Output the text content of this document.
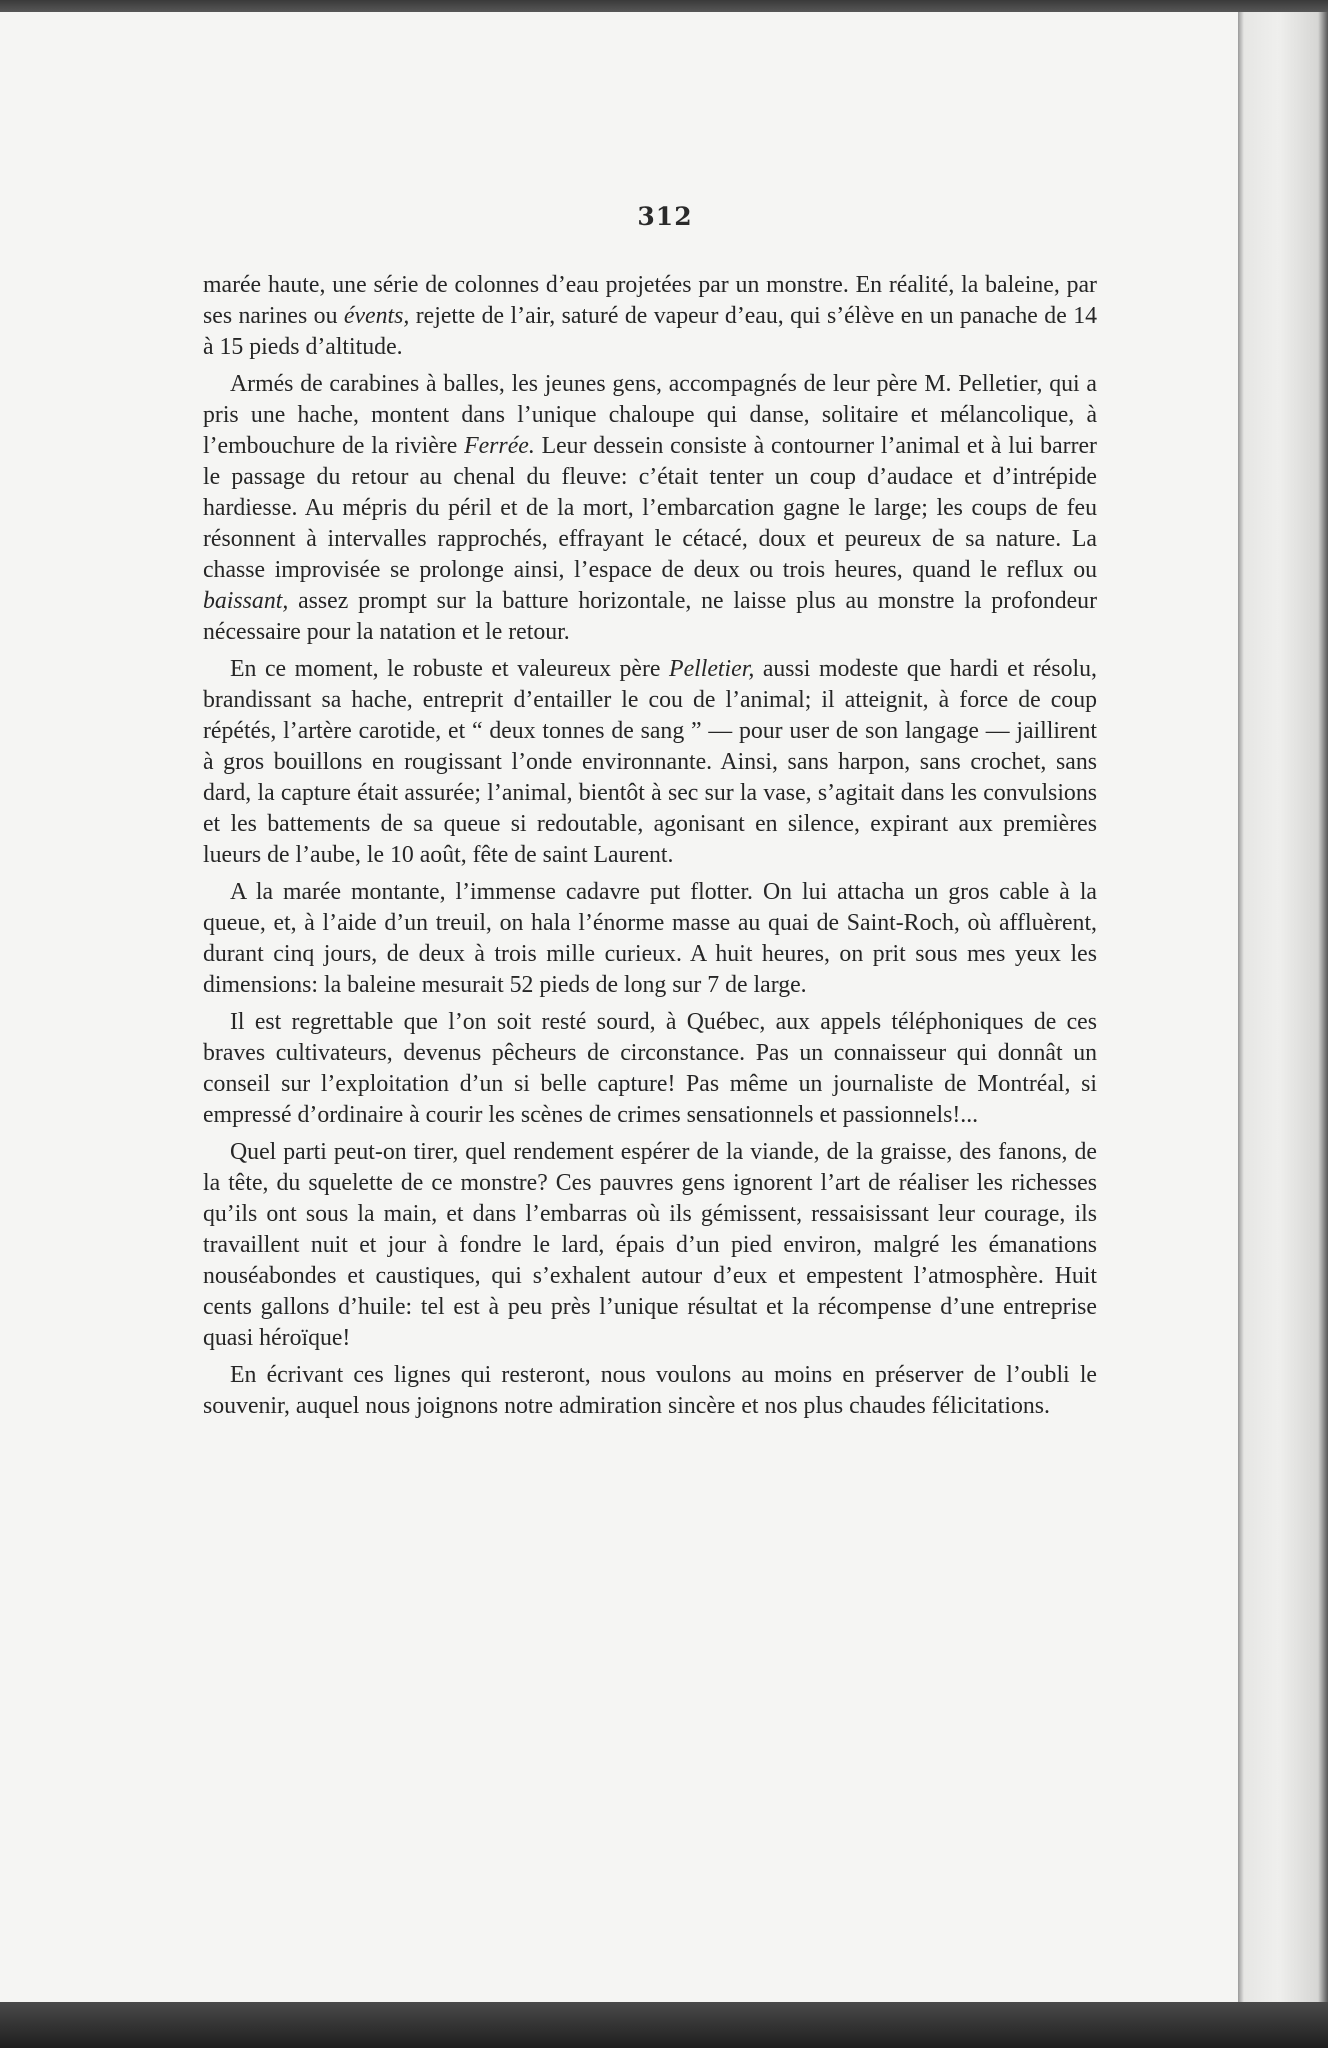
312

marée haute, une série de colonnes d’eau projetées par un monstre. En réalité, la baleine, par ses narines ou évents, rejette de l’air, saturé de vapeur d’eau, qui s’élève en un panache de 14 à 15 pieds d’altitude.

Armés de carabines à balles, les jeunes gens, accompagnés de leur père M. Pelletier, qui a pris une hache, montent dans l’unique chaloupe qui danse, solitaire et mélancolique, à l’embouchure de la rivière Ferrée. Leur dessein consiste à contourner l’animal et à lui barrer le passage du retour au chenal du fleuve: c’était tenter un coup d’audace et d’intrépide hardiesse. Au mépris du péril et de la mort, l’embarcation gagne le large; les coups de feu résonnent à intervalles rapprochés, effrayant le cétacé, doux et peureux de sa nature. La chasse improvisée se prolonge ainsi, l’espace de deux ou trois heures, quand le reflux ou baissant, assez prompt sur la batture horizontale, ne laisse plus au monstre la profondeur nécessaire pour la natation et le retour.

En ce moment, le robuste et valeureux père Pelletier, aussi modeste que hardi et résolu, brandissant sa hache, entreprit d’entailler le cou de l’animal; il atteignit, à force de coup répétés, l’artère carotide, et “ deux tonnes de sang ” — pour user de son langage — jaillirent à gros bouillons en rougissant l’onde environnante. Ainsi, sans harpon, sans crochet, sans dard, la capture était assurée; l’animal, bientôt à sec sur la vase, s’agitait dans les convulsions et les battements de sa queue si redoutable, agonisant en silence, expirant aux premières lueurs de l’aube, le 10 août, fête de saint Laurent.

A la marée montante, l’immense cadavre put flotter. On lui attacha un gros cable à la queue, et, à l’aide d’un treuil, on hala l’énorme masse au quai de Saint-Roch, où affluèrent, durant cinq jours, de deux à trois mille curieux. A huit heures, on prit sous mes yeux les dimensions: la baleine mesurait 52 pieds de long sur 7 de large.

Il est regrettable que l’on soit resté sourd, à Québec, aux appels téléphoniques de ces braves cultivateurs, devenus pêcheurs de circonstance. Pas un connaisseur qui donnât un conseil sur l’exploitation d’un si belle capture! Pas même un journaliste de Montréal, si empressé d’ordinaire à courir les scènes de crimes sensationnels et passionnels!...

Quel parti peut-on tirer, quel rendement espérer de la viande, de la graisse, des fanons, de la tête, du squelette de ce monstre? Ces pauvres gens ignorent l’art de réaliser les richesses qu’ils ont sous la main, et dans l’embarras où ils gémissent, ressaisissant leur courage, ils travaillent nuit et jour à fondre le lard, épais d’un pied environ, malgré les émanations nouséabondes et caustiques, qui s’exhalent autour d’eux et empestent l’atmosphère. Huit cents gallons d’huile: tel est à peu près l’unique résultat et la récompense d’une entreprise quasi héroïque!

En écrivant ces lignes qui resteront, nous voulons au moins en préserver de l’oubli le souvenir, auquel nous joignons notre admiration sincère et nos plus chaudes félicitations.
